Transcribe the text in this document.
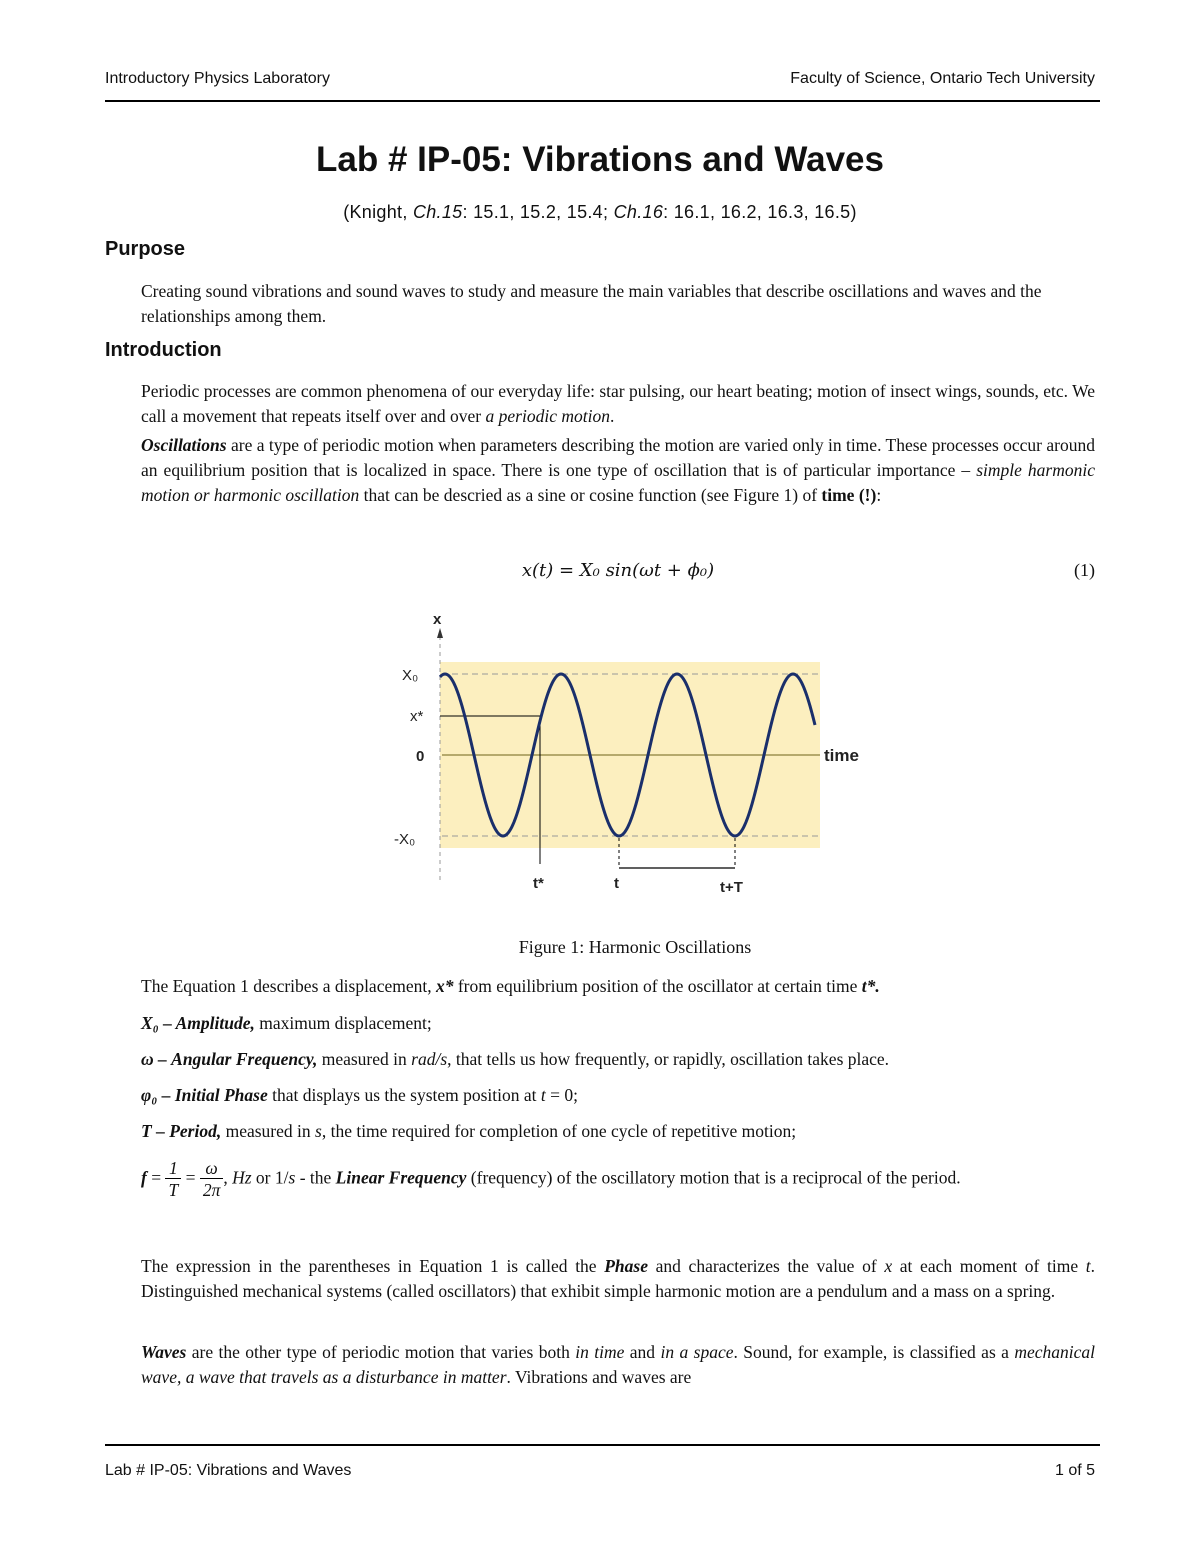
Introductory Physics Laboratory	Faculty of Science, Ontario Tech University
Lab # IP-05: Vibrations and Waves
(Knight, Ch.15: 15.1, 15.2, 15.4; Ch.16: 16.1, 16.2, 16.3, 16.5)
Purpose
Creating sound vibrations and sound waves to study and measure the main variables that describe oscillations and waves and the relationships among them.
Introduction
Periodic processes are common phenomena of our everyday life: star pulsing, our heart beating; motion of insect wings, sounds, etc. We call a movement that repeats itself over and over a periodic motion.
Oscillations are a type of periodic motion when parameters describing the motion are varied only in time. These processes occur around an equilibrium position that is localized in space. There is one type of oscillation that is of particular importance – simple harmonic motion or harmonic oscillation that can be descried as a sine or cosine function (see Figure 1) of time (!):
x(t) = X₀ sin(ωt + ϕ₀)	(1)
X₀
x*
0
-X₀
x
time
t*	t	t+T
Figure 1: Harmonic Oscillations
The Equation 1 describes a displacement, x* from equilibrium position of the oscillator at certain time t*.
X₀ – Amplitude, maximum displacement;
ω – Angular Frequency, measured in rad/s, that tells us how frequently, or rapidly, oscillation takes place.
φ₀ – Initial Phase that displays us the system position at t = 0;
T – Period, measured in s, the time required for completion of one cycle of repetitive motion;
$f = \frac{1}{T} = \frac{\omega}{2\pi}$ , Hz or 1/s - the Linear Frequency (frequency) of the oscillatory motion that is a reciprocal of the period.
The expression in the parentheses in Equation 1 is called the Phase and characterizes the value of x at each moment of time t. Distinguished mechanical systems (called oscillators) that exhibit simple harmonic motion are a pendulum and a mass on a spring.
Waves are the other type of periodic motion that varies both in time and in a space. Sound, for example, is classified as a mechanical wave, a wave that travels as a disturbance in matter. Vibrations and waves are
Lab # IP-05: Vibrations and Waves	1 of 5
